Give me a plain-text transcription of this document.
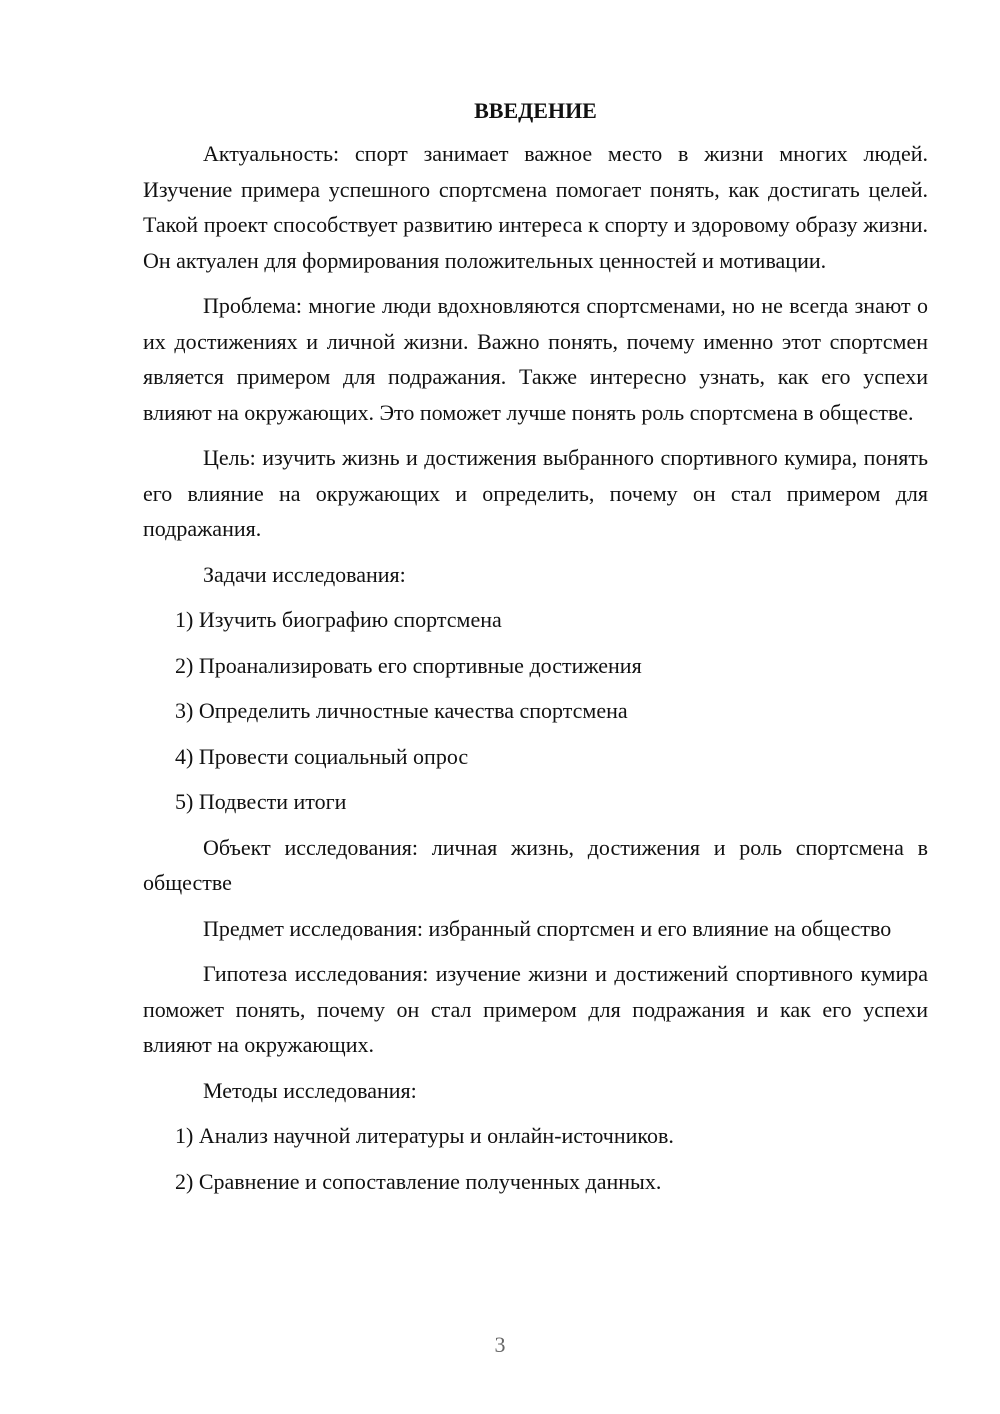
ВВЕДЕНИЕ

Актуальность: спорт занимает важное место в жизни многих людей. Изучение примера успешного спортсмена помогает понять, как достигать целей. Такой проект способствует развитию интереса к спорту и здоровому образу жизни. Он актуален для формирования положительных ценностей и мотивации.

Проблема: многие люди вдохновляются спортсменами, но не всегда знают о их достижениях и личной жизни. Важно понять, почему именно этот спортсмен является примером для подражания. Также интересно узнать, как его успехи влияют на окружающих. Это поможет лучше понять роль спортсмена в обществе.

Цель: изучить жизнь и достижения выбранного спортивного кумира, понять его влияние на окружающих и определить, почему он стал примером для подражания.

Задачи исследования:
1) Изучить биографию спортсмена
2) Проанализировать его спортивные достижения
3) Определить личностные качества спортсмена
4) Провести социальный опрос
5) Подвести итоги

Объект исследования: личная жизнь, достижения и роль спортсмена в обществе

Предмет исследования: избранный спортсмен и его влияние на общество

Гипотеза исследования: изучение жизни и достижений спортивного кумира поможет понять, почему он стал примером для подражания и как его успехи влияют на окружающих.

Методы исследования:
1) Анализ научной литературы и онлайн-источников.
2) Сравнение и сопоставление полученных данных.
3
